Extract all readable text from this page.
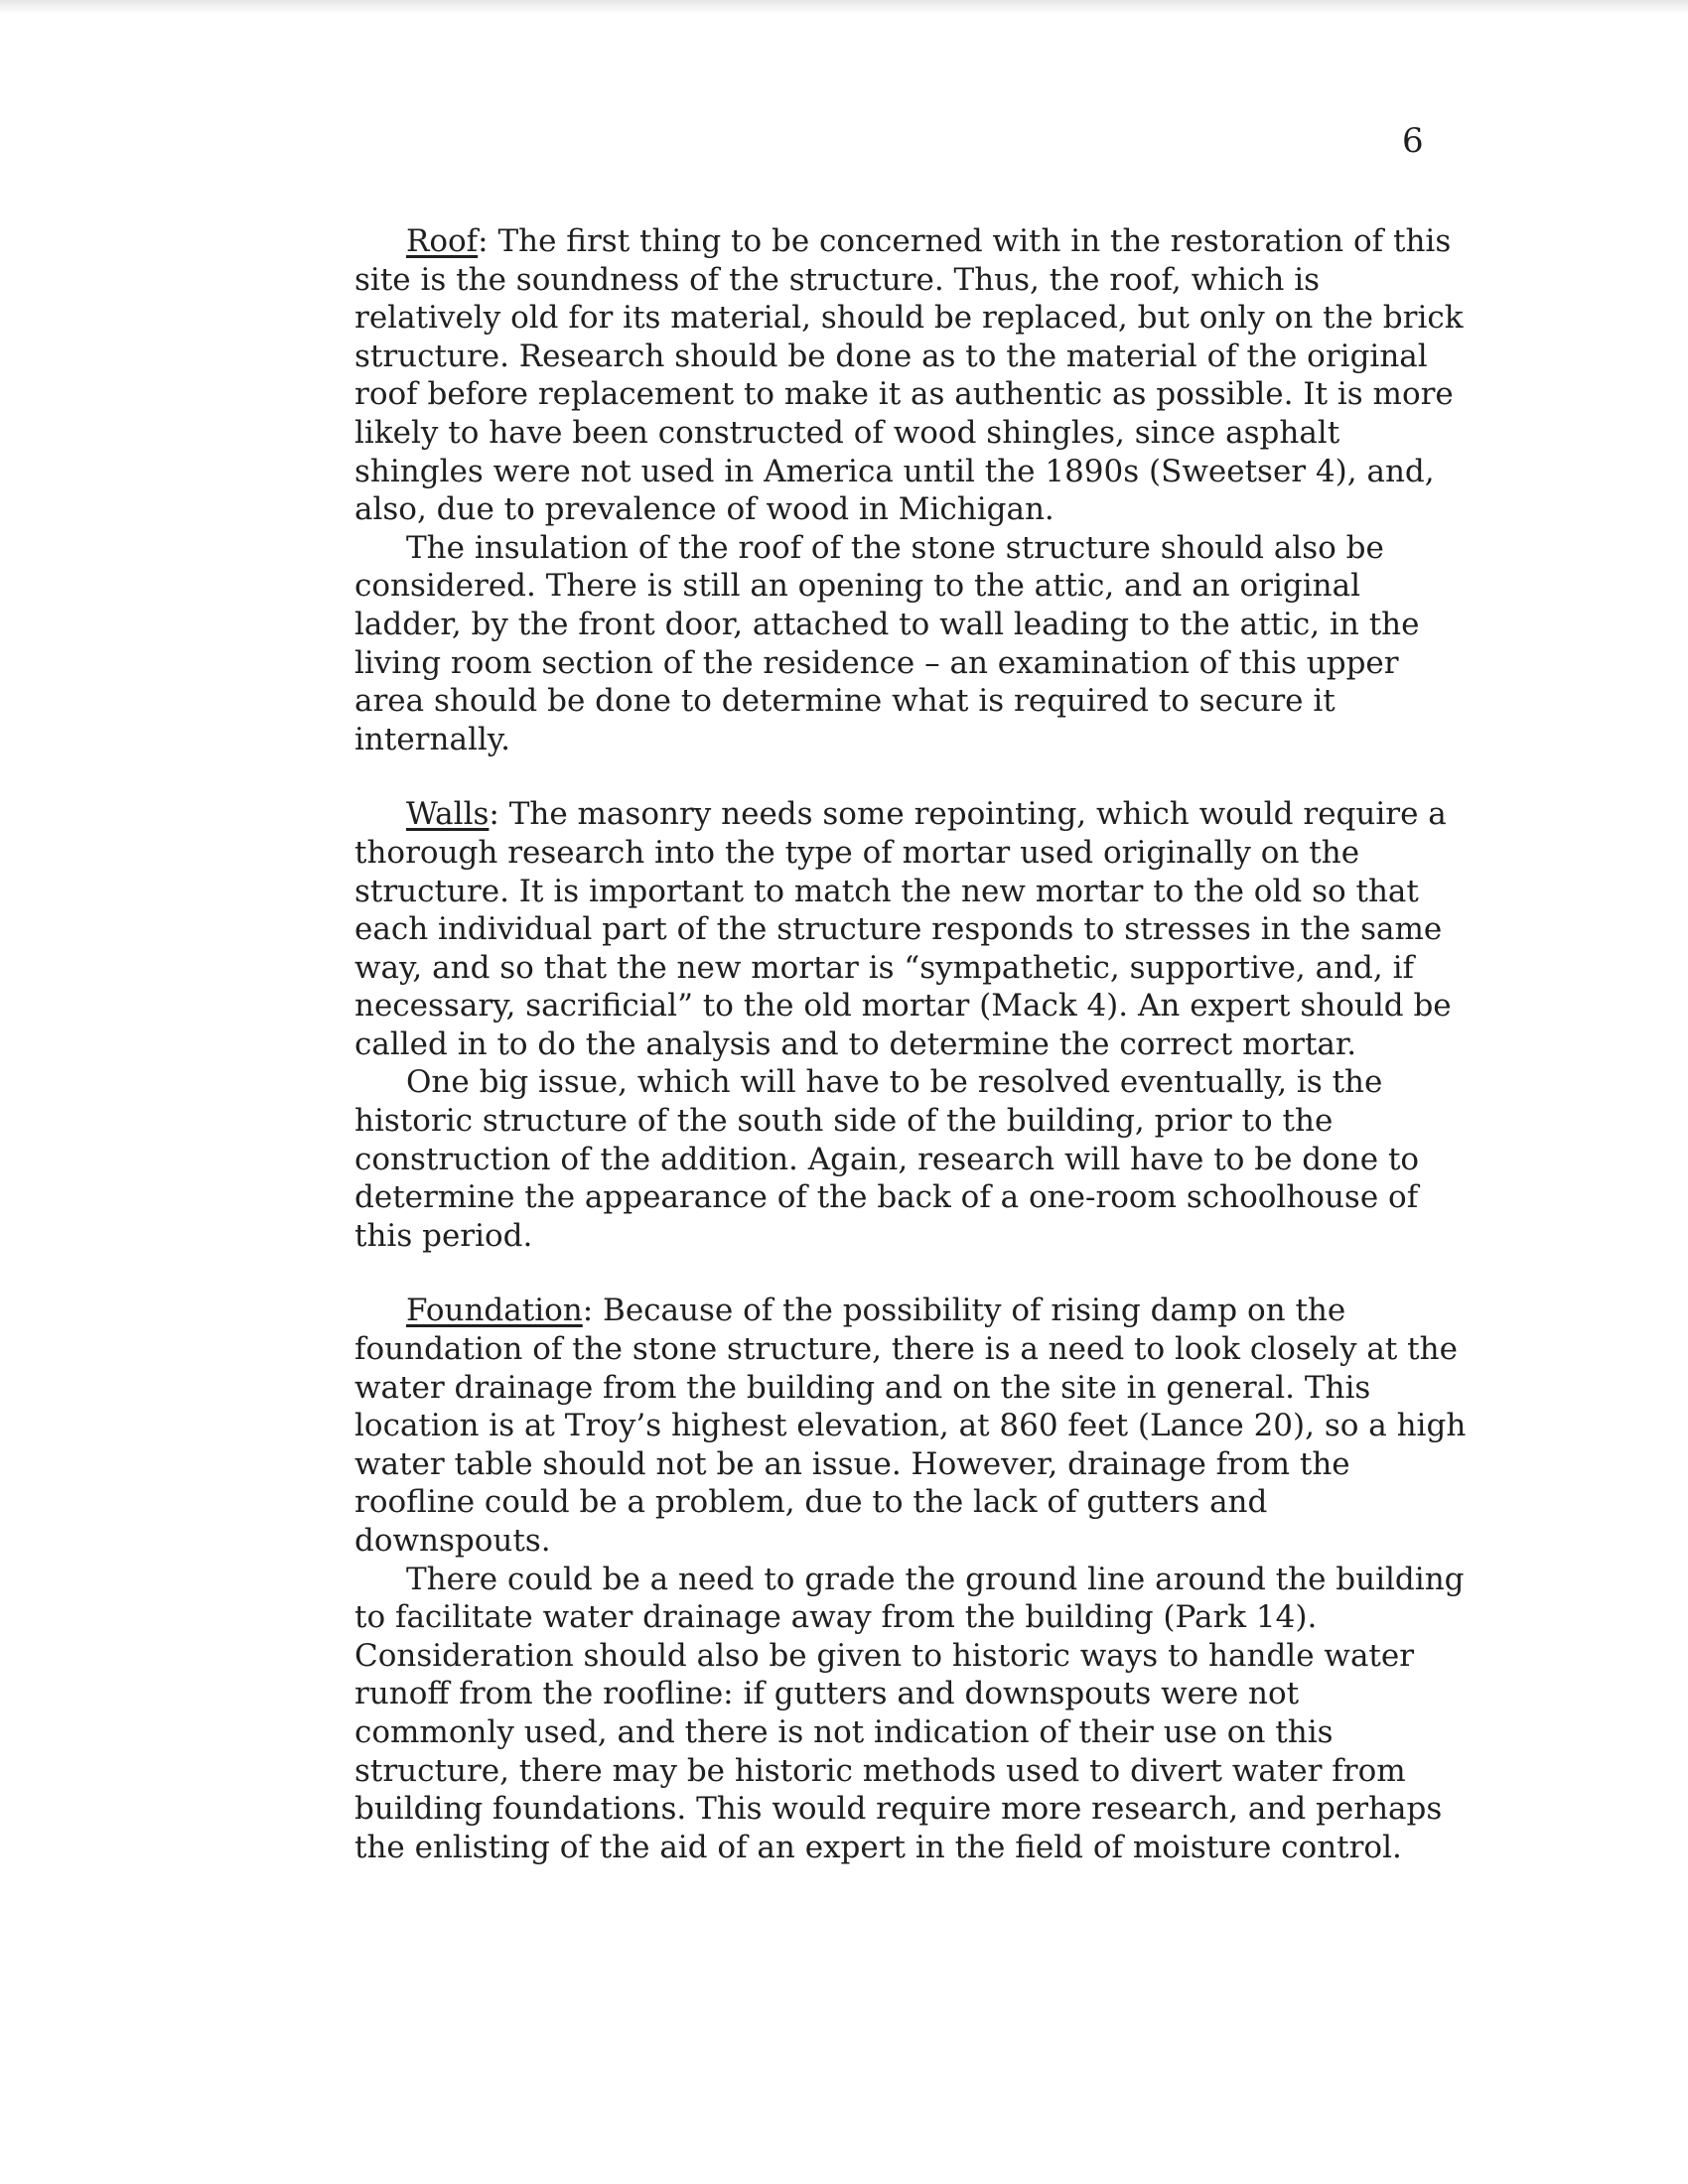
6

Roof: The first thing to be concerned with in the restoration of this site is the soundness of the structure. Thus, the roof, which is relatively old for its material, should be replaced, but only on the brick structure. Research should be done as to the material of the original roof before replacement to make it as authentic as possible. It is more likely to have been constructed of wood shingles, since asphalt shingles were not used in America until the 1890s (Sweetser 4), and, also, due to prevalence of wood in Michigan.

The insulation of the roof of the stone structure should also be considered. There is still an opening to the attic, and an original ladder, by the front door, attached to wall leading to the attic, in the living room section of the residence – an examination of this upper area should be done to determine what is required to secure it internally.

Walls: The masonry needs some repointing, which would require a thorough research into the type of mortar used originally on the structure. It is important to match the new mortar to the old so that each individual part of the structure responds to stresses in the same way, and so that the new mortar is “sympathetic, supportive, and, if necessary, sacrificial” to the old mortar (Mack 4). An expert should be called in to do the analysis and to determine the correct mortar.

One big issue, which will have to be resolved eventually, is the historic structure of the south side of the building, prior to the construction of the addition. Again, research will have to be done to determine the appearance of the back of a one-room schoolhouse of this period.

Foundation: Because of the possibility of rising damp on the foundation of the stone structure, there is a need to look closely at the water drainage from the building and on the site in general. This location is at Troy’s highest elevation, at 860 feet (Lance 20), so a high water table should not be an issue. However, drainage from the roofline could be a problem, due to the lack of gutters and downspouts.

There could be a need to grade the ground line around the building to facilitate water drainage away from the building (Park 14). Consideration should also be given to historic ways to handle water runoff from the roofline: if gutters and downspouts were not commonly used, and there is not indication of their use on this structure, there may be historic methods used to divert water from building foundations. This would require more research, and perhaps the enlisting of the aid of an expert in the field of moisture control.
